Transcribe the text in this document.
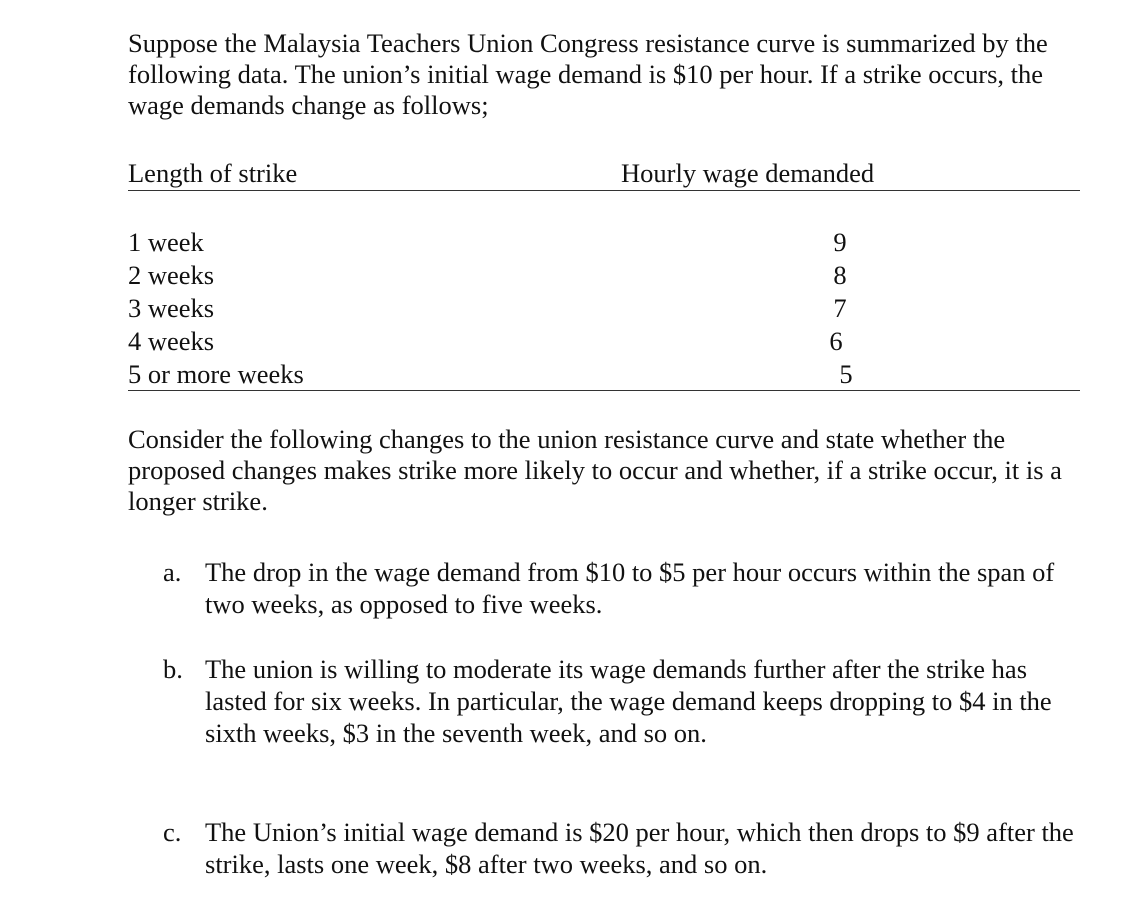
Suppose the Malaysia Teachers Union Congress resistance curve is summarized by the following data. The union’s initial wage demand is $10 per hour. If a strike occurs, the wage demands change as follows;

Length of strike	Hourly wage demanded
1 week	9
2 weeks	8
3 weeks	7
4 weeks	6
5 or more weeks	5

Consider the following changes to the union resistance curve and state whether the proposed changes makes strike more likely to occur and whether, if a strike occur, it is a longer strike.

a. The drop in the wage demand from $10 to $5 per hour occurs within the span of two weeks, as opposed to five weeks.
b. The union is willing to moderate its wage demands further after the strike has lasted for six weeks. In particular, the wage demand keeps dropping to $4 in the sixth weeks, $3 in the seventh week, and so on.
c. The Union’s initial wage demand is $20 per hour, which then drops to $9 after the strike, lasts one week, $8 after two weeks, and so on.
